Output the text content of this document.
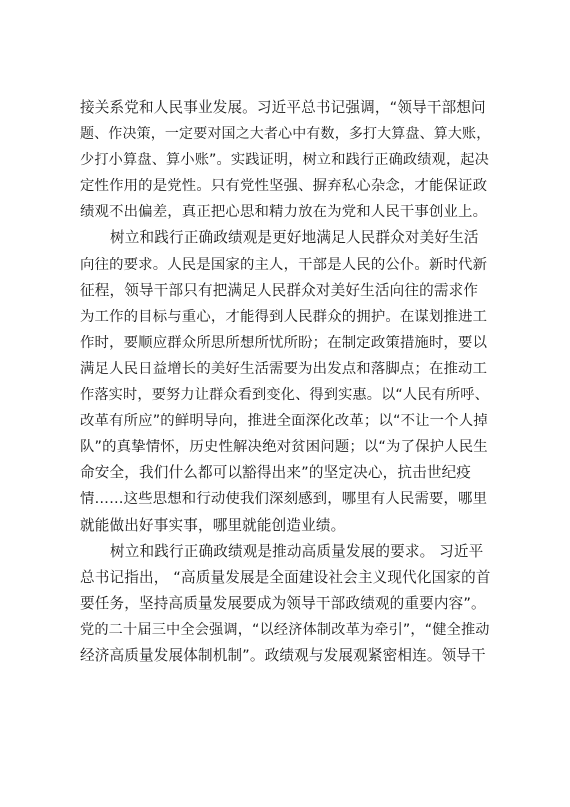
接关系党和人民事业发展。习近平总书记强调，“领导干部想问
题、作决策，一定要对国之大者心中有数，多打大算盘、算大账，
少打小算盘、算小账”。实践证明，树立和践行正确政绩观，起决
定性作用的是党性。只有党性坚强、摒弃私心杂念，才能保证政
绩观不出偏差，真正把心思和精力放在为党和人民干事创业上。
树立和践行正确政绩观是更好地满足人民群众对美好生活
向往的要求。人民是国家的主人，干部是人民的公仆。新时代新
征程，领导干部只有把满足人民群众对美好生活向往的需求作
为工作的目标与重心，才能得到人民群众的拥护。在谋划推进工
作时，要顺应群众所思所想所忧所盼；在制定政策措施时，要以
满足人民日益增长的美好生活需要为出发点和落脚点；在推动工
作落实时，要努力让群众看到变化、得到实惠。以“人民有所呼、
改革有所应”的鲜明导向，推进全面深化改革；以“不让一个人掉
队”的真挚情怀，历史性解决绝对贫困问题；以“为了保护人民生
命安全，我们什么都可以豁得出来”的坚定决心，抗击世纪疫
情……这些思想和行动使我们深刻感到，哪里有人民需要，哪里
就能做出好事实事，哪里就能创造业绩。
树立和践行正确政绩观是推动高质量发展的要求。 习近平
总书记指出， “高质量发展是全面建设社会主义现代化国家的首
要任务，坚持高质量发展要成为领导干部政绩观的重要内容”。
党的二十届三中全会强调，“以经济体制改革为牵引”，“健全推动
经济高质量发展体制机制”。政绩观与发展观紧密相连。领导干
